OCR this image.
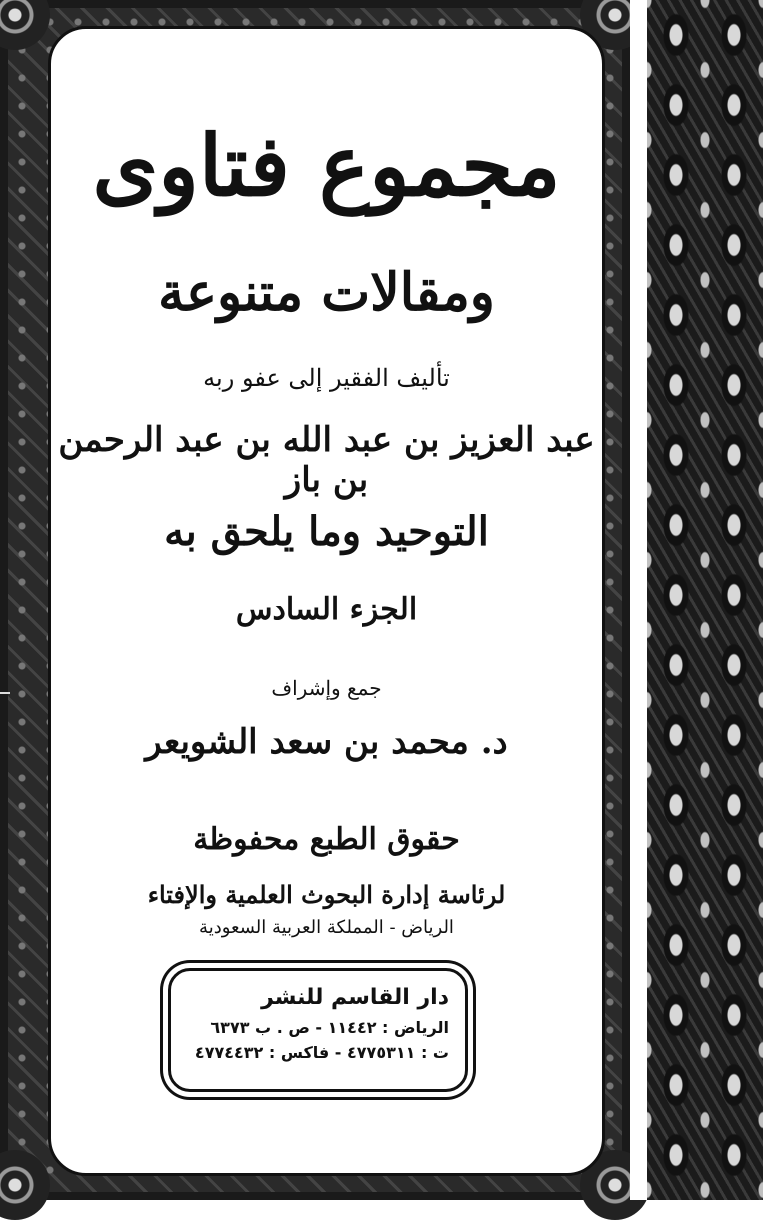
مجموع فتاوى
ومقالات متنوعة
تأليف الفقير إلى عفو ربه
عبد العزيز بن عبد الله بن عبد الرحمن بن باز
التوحيد وما يلحق به
الجزء السادس
جمع وإشراف
د. محمد بن سعد الشويعر
حقوق الطبع محفوظة
لرئاسة إدارة البحوث العلمية والإفتاء
الرياض - المملكة العربية السعودية
دار القاسم للنشر
الرياض : ١١٤٤٢ - ص . ب ٦٣٧٣
ت : ٤٧٧٥٣١١ - فاكس : ٤٧٧٤٤٣٢
